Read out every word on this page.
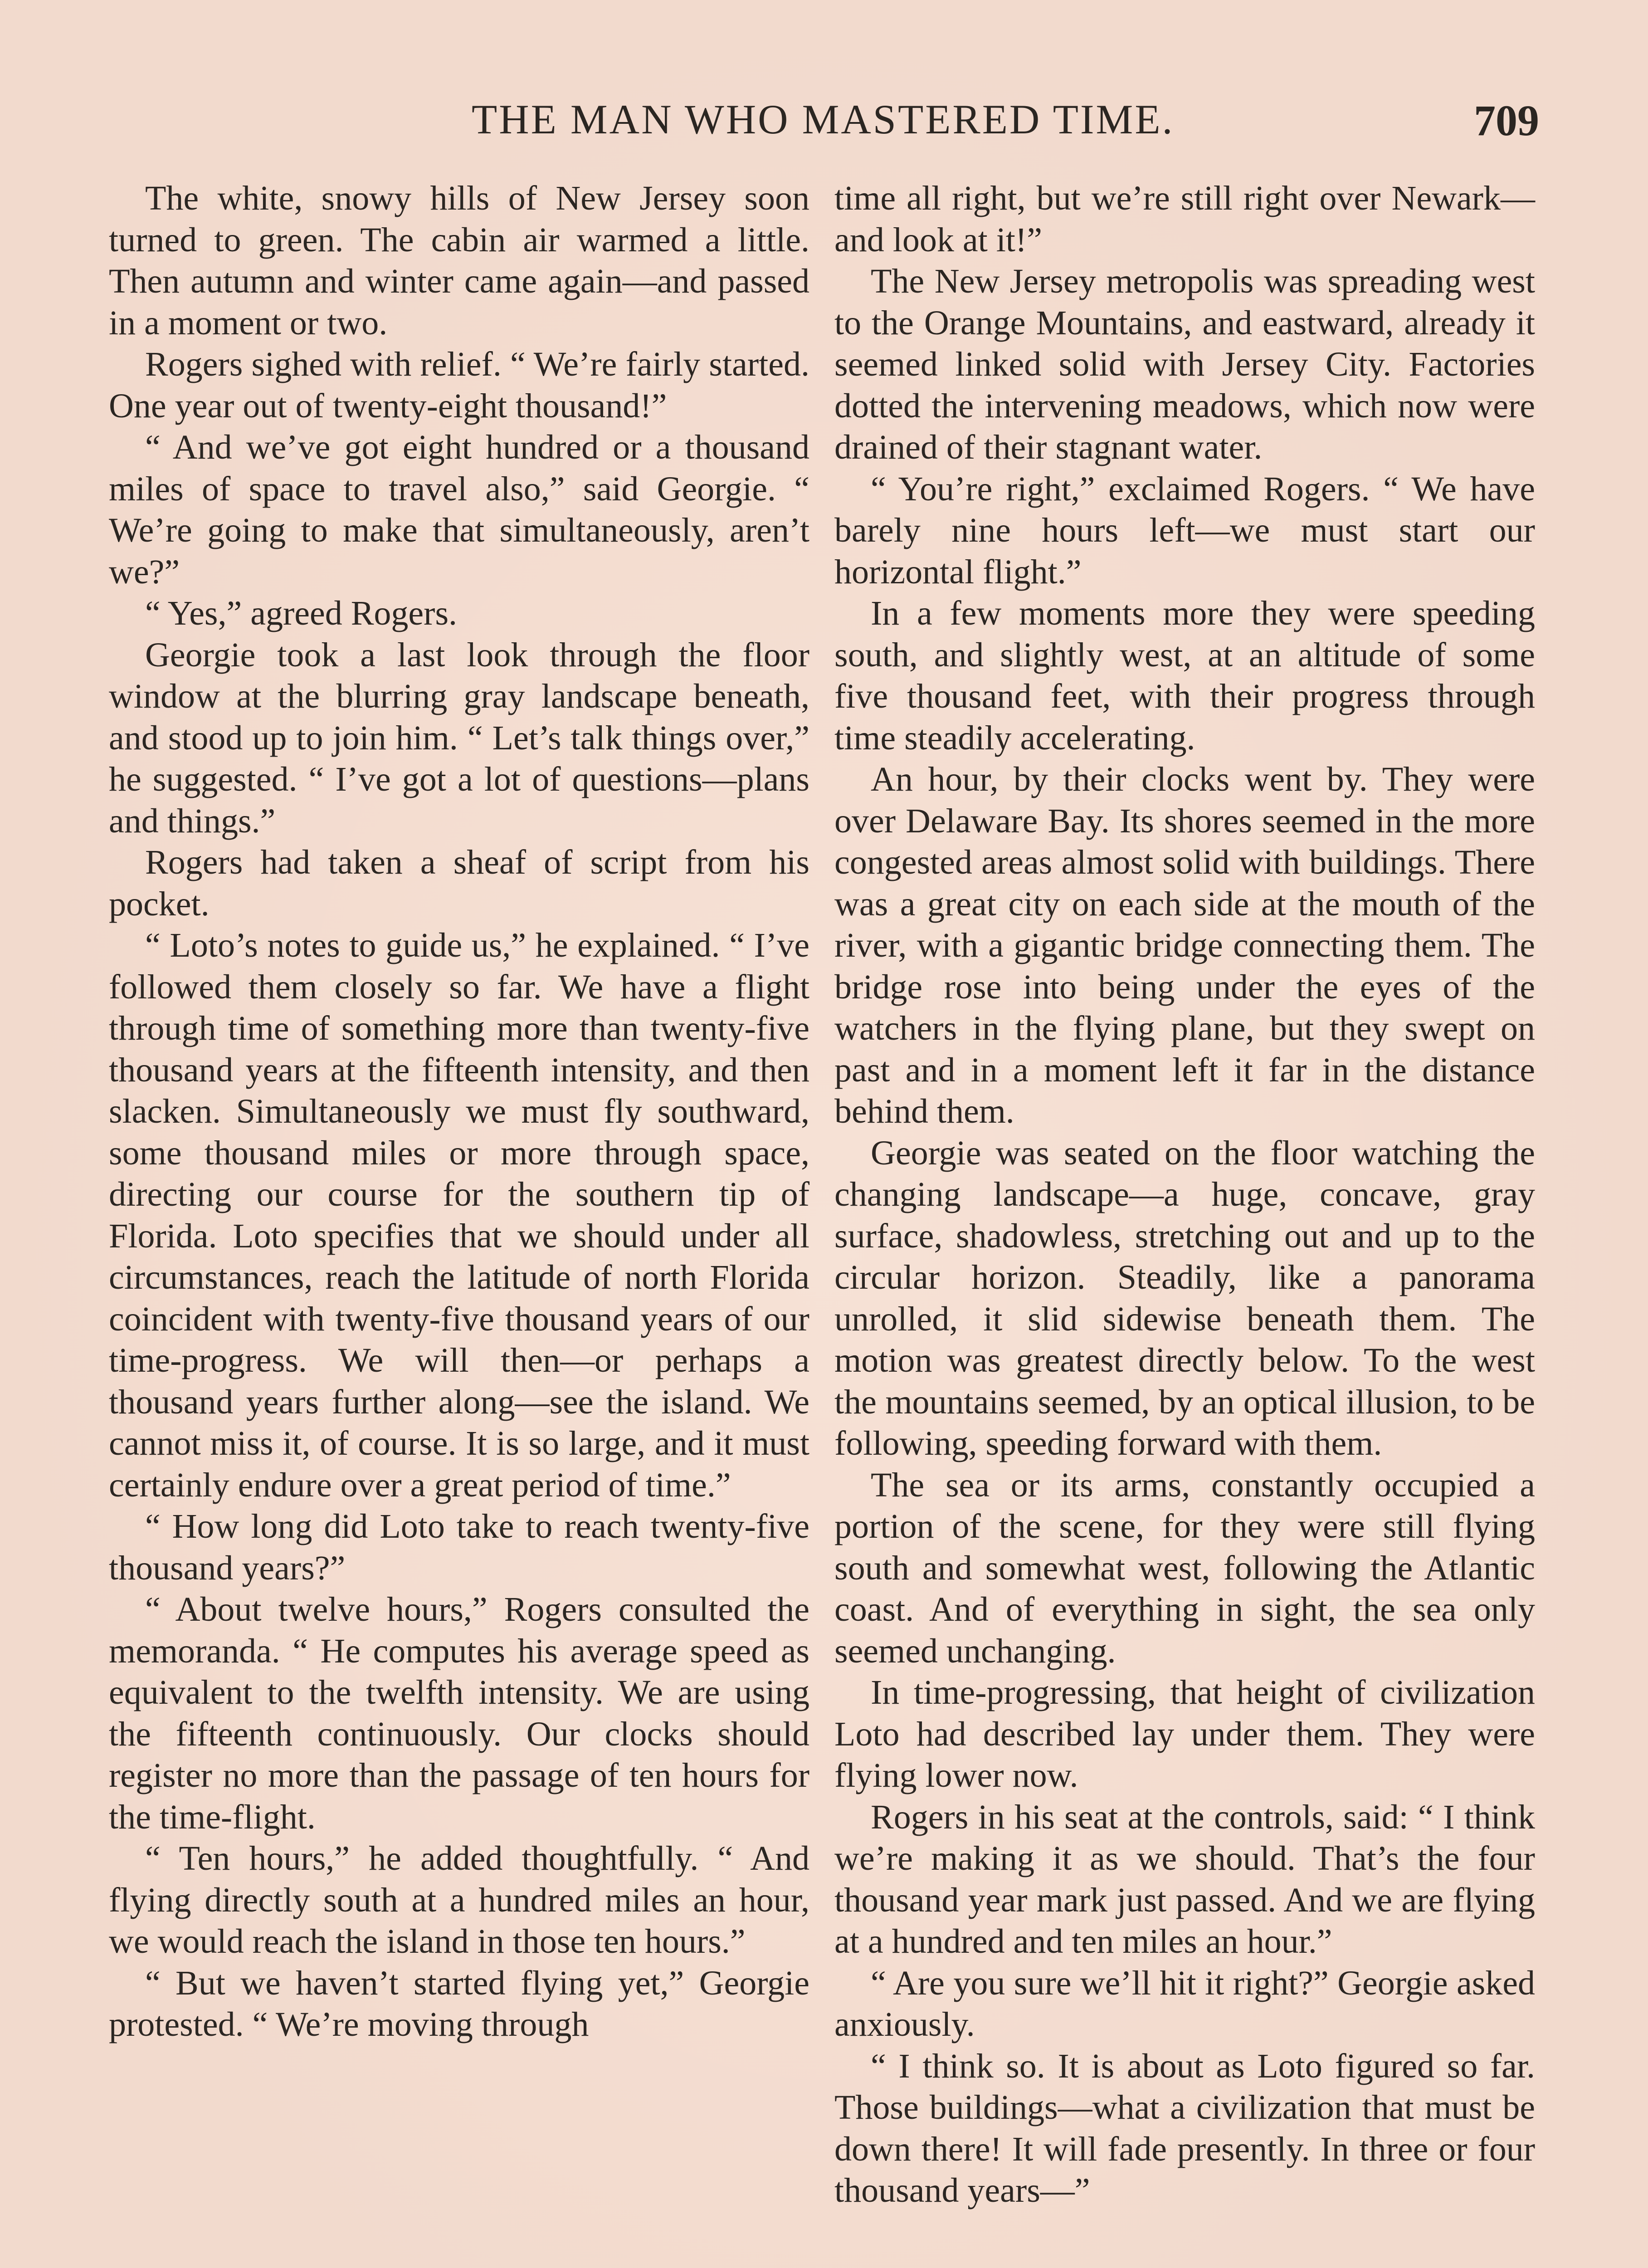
THE MAN WHO MASTERED TIME.	709

The white, snowy hills of New Jersey soon turned to green. The cabin air warmed a little. Then autumn and winter came again—and passed in a moment or two.

Rogers sighed with relief. “ We’re fairly started. One year out of twenty-eight thousand!”

“ And we’ve got eight hundred or a thousand miles of space to travel also,” said Georgie. “ We’re going to make that simultaneously, aren’t we?”

“ Yes,” agreed Rogers.

Georgie took a last look through the floor window at the blurring gray landscape beneath, and stood up to join him. “ Let’s talk things over,” he suggested. “ I’ve got a lot of questions—plans and things.”

Rogers had taken a sheaf of script from his pocket.

“ Loto’s notes to guide us,” he explained. “ I’ve followed them closely so far. We have a flight through time of something more than twenty-five thousand years at the fifteenth intensity, and then slacken. Simultaneously we must fly southward, some thousand miles or more through space, directing our course for the southern tip of Florida. Loto specifies that we should under all circumstances, reach the latitude of north Florida coincident with twenty-five thousand years of our time-progress. We will then—or perhaps a thousand years further along—see the island. We cannot miss it, of course. It is so large, and it must certainly endure over a great period of time.”

“ How long did Loto take to reach twenty-five thousand years?”

“ About twelve hours,” Rogers consulted the memoranda. “ He computes his average speed as equivalent to the twelfth intensity. We are using the fifteenth continuously. Our clocks should register no more than the passage of ten hours for the time-flight.

“ Ten hours,” he added thoughtfully. “ And flying directly south at a hundred miles an hour, we would reach the island in those ten hours.”

“ But we haven’t started flying yet,” Georgie protested. “ We’re moving through

time all right, but we’re still right over Newark—and look at it!”

The New Jersey metropolis was spreading west to the Orange Mountains, and eastward, already it seemed linked solid with Jersey City. Factories dotted the intervening meadows, which now were drained of their stagnant water.

“ You’re right,” exclaimed Rogers. “ We have barely nine hours left—we must start our horizontal flight.”

In a few moments more they were speeding south, and slightly west, at an altitude of some five thousand feet, with their progress through time steadily accelerating.

An hour, by their clocks went by. They were over Delaware Bay. Its shores seemed in the more congested areas almost solid with buildings. There was a great city on each side at the mouth of the river, with a gigantic bridge connecting them. The bridge rose into being under the eyes of the watchers in the flying plane, but they swept on past and in a moment left it far in the distance behind them.

Georgie was seated on the floor watching the changing landscape—a huge, concave, gray surface, shadowless, stretching out and up to the circular horizon. Steadily, like a panorama unrolled, it slid sidewise beneath them. The motion was greatest directly below. To the west the mountains seemed, by an optical illusion, to be following, speeding forward with them.

The sea or its arms, constantly occupied a portion of the scene, for they were still flying south and somewhat west, following the Atlantic coast. And of everything in sight, the sea only seemed unchanging.

In time-progressing, that height of civilization Loto had described lay under them. They were flying lower now.

Rogers in his seat at the controls, said: “ I think we’re making it as we should. That’s the four thousand year mark just passed. And we are flying at a hundred and ten miles an hour.”

“ Are you sure we’ll hit it right?” Georgie asked anxiously.

“ I think so. It is about as Loto figured so far. Those buildings—what a civilization that must be down there! It will fade presently. In three or four thousand years—”
